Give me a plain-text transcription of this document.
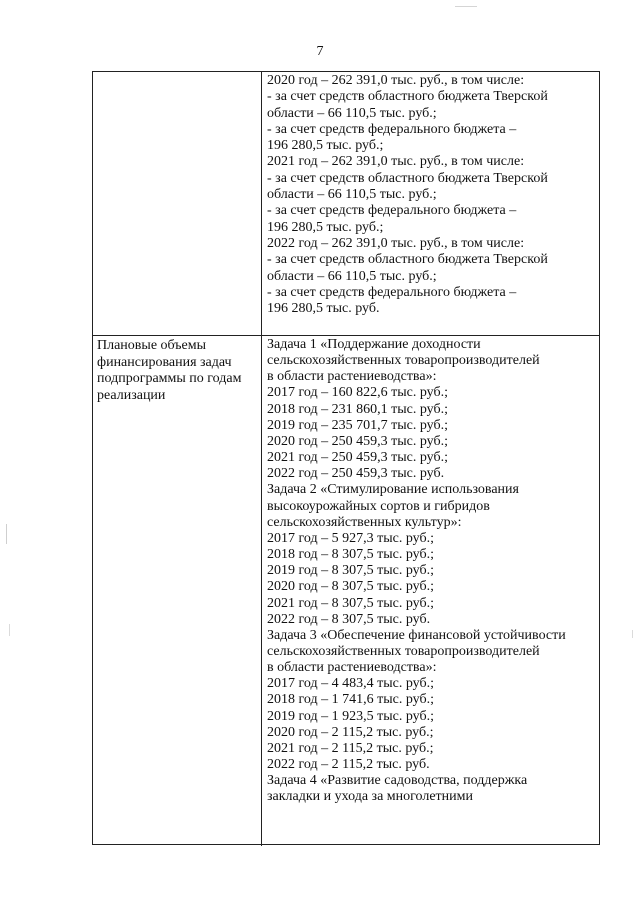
7
2020 год – 262 391,0 тыс. руб., в том числе:
- за счет средств областного бюджета Тверской
области – 66 110,5 тыс. руб.;
- за счет средств федерального бюджета –
196 280,5 тыс. руб.;
2021 год – 262 391,0 тыс. руб., в том числе:
- за счет средств областного бюджета Тверской
области – 66 110,5 тыс. руб.;
- за счет средств федерального бюджета –
196 280,5 тыс. руб.;
2022 год – 262 391,0 тыс. руб., в том числе:
- за счет средств областного бюджета Тверской
области – 66 110,5 тыс. руб.;
- за счет средств федерального бюджета –
196 280,5 тыс. руб.
Плановые объемы финансирования задач подпрограммы по годам реализации
Задача 1 «Поддержание доходности
сельскохозяйственных товаропроизводителей
в области растениеводства»:
2017 год – 160 822,6 тыс. руб.;
2018 год – 231 860,1 тыс. руб.;
2019 год – 235 701,7 тыс. руб.;
2020 год – 250 459,3 тыс. руб.;
2021 год – 250 459,3 тыс. руб.;
2022 год – 250 459,3 тыс. руб.
Задача 2 «Стимулирование использования
высокоурожайных сортов и гибридов
сельскохозяйственных культур»:
2017 год – 5 927,3 тыс. руб.;
2018 год – 8 307,5 тыс. руб.;
2019 год – 8 307,5 тыс. руб.;
2020 год – 8 307,5 тыс. руб.;
2021 год – 8 307,5 тыс. руб.;
2022 год – 8 307,5 тыс. руб.
Задача 3 «Обеспечение финансовой устойчивости
сельскохозяйственных товаропроизводителей
в области растениеводства»:
2017 год – 4 483,4 тыс. руб.;
2018 год – 1 741,6 тыс. руб.;
2019 год – 1 923,5 тыс. руб.;
2020 год – 2 115,2 тыс. руб.;
2021 год – 2 115,2 тыс. руб.;
2022 год – 2 115,2 тыс. руб.
Задача 4 «Развитие садоводства, поддержка
закладки и ухода за многолетними
